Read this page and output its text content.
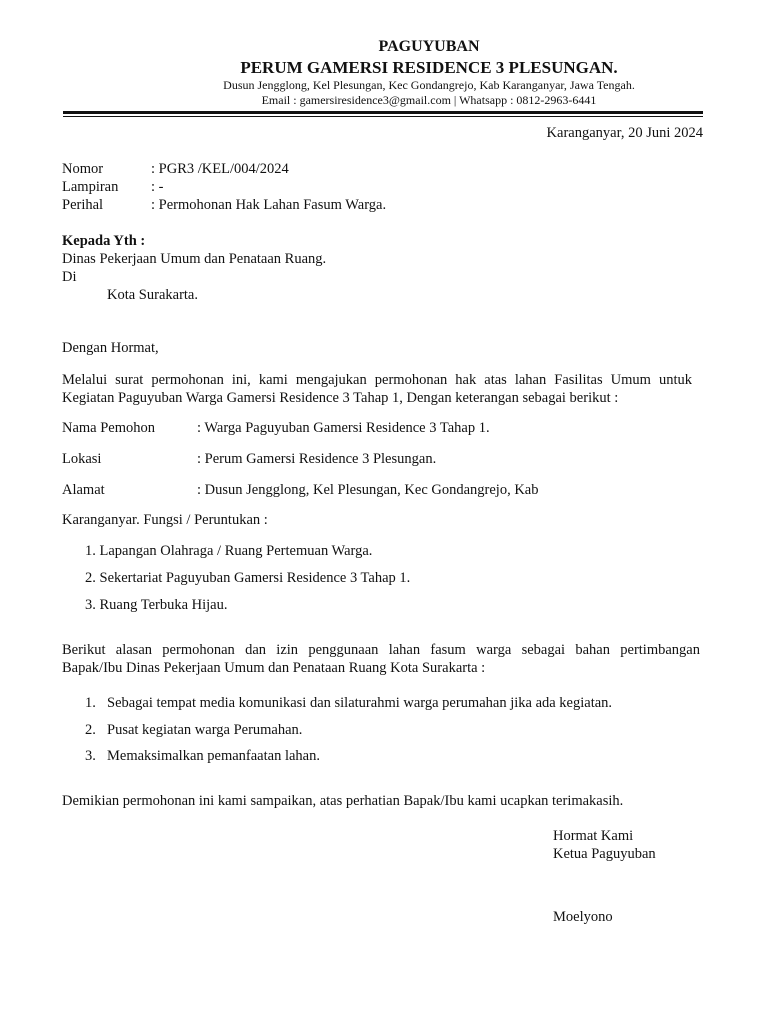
PAGUYUBAN
PERUM GAMERSI RESIDENCE 3 PLESUNGAN.
Dusun Jengglong, Kel Plesungan, Kec Gondangrejo, Kab Karanganyar, Jawa Tengah.
Email : gamersiresidence3@gmail.com | Whatsapp : 0812-2963-6441
Karanganyar, 20 Juni 2024
Nomor	: PGR3 /KEL/004/2024
Lampiran : -
Perihal	: Permohonan Hak Lahan Fasum Warga.
Kepada Yth :
Dinas Pekerjaan Umum dan Penataan Ruang.
Di
Kota Surakarta.
Dengan Hormat,
Melalui surat permohonan ini, kami mengajukan permohonan hak atas lahan Fasilitas Umum untuk
Kegiatan Paguyuban Warga Gamersi Residence 3 Tahap 1, Dengan keterangan sebagai berikut :
Nama Pemohon	: Warga Paguyuban Gamersi Residence 3 Tahap 1.
Lokasi	: Perum Gamersi Residence 3 Plesungan.
Alamat	: Dusun Jengglong, Kel Plesungan, Kec Gondangrejo, Kab
Karanganyar. Fungsi / Peruntukan :
1. Lapangan Olahraga / Ruang Pertemuan Warga.
2. Sekertariat Paguyuban Gamersi Residence 3 Tahap 1.
3. Ruang Terbuka Hijau.
Berikut alasan permohonan dan izin penggunaan lahan fasum warga sebagai bahan pertimbangan
Bapak/Ibu Dinas Pekerjaan Umum dan Penataan Ruang Kota Surakarta :
1. Sebagai tempat media komunikasi dan silaturahmi warga perumahan jika ada kegiatan.
2. Pusat kegiatan warga Perumahan.
3. Memaksimalkan pemanfaatan lahan.
Demikian permohonan ini kami sampaikan, atas perhatian Bapak/Ibu kami ucapkan terimakasih.
Hormat Kami
Ketua Paguyuban
Moelyono
